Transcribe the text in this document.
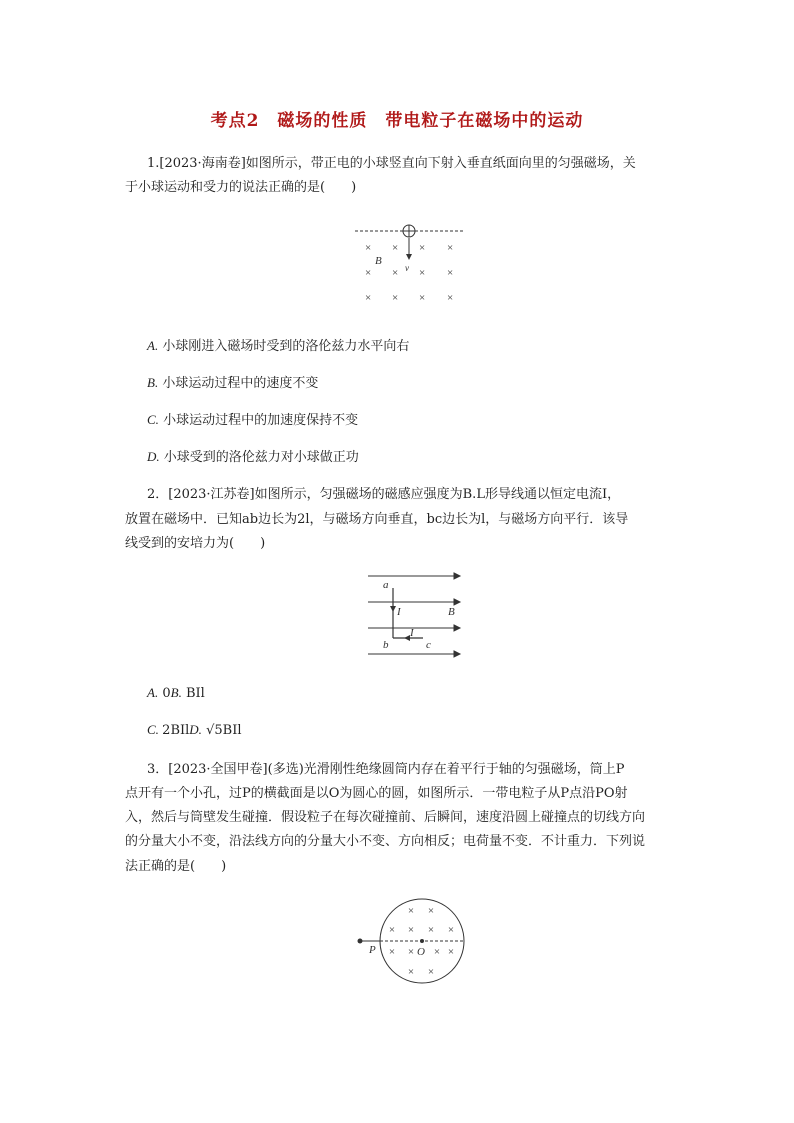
考点2　磁场的性质　带电粒子在磁场中的运动
1.[2023·海南卷]如图所示，带正电的小球竖直向下射入垂直纸面向里的匀强磁场，关
于小球运动和受力的说法正确的是(　　)
× × × ×
× × × ×
× × × ×
B
v
A. 小球刚进入磁场时受到的洛伦兹力水平向右
B. 小球运动过程中的速度不变
C. 小球运动过程中的加速度保持不变
D. 小球受到的洛伦兹力对小球做正功
2．[2023·江苏卷]如图所示，匀强磁场的磁感应强度为B.L形导线通以恒定电流I，
放置在磁场中．已知ab边长为2l，与磁场方向垂直，bc边长为l，与磁场方向平行．该导
线受到的安培力为(　　)
a
I	B
I
b	c
A. 0B. BIl
C. 2BIlD. √5BIl
3．[2023·全国甲卷](多选)光滑刚性绝缘圆筒内存在着平行于轴的匀强磁场，筒上P
点开有一个小孔，过P的横截面是以O为圆心的圆，如图所示．一带电粒子从P点沿PO射
入，然后与筒壁发生碰撞．假设粒子在每次碰撞前、后瞬间，速度沿圆上碰撞点的切线方向
的分量大小不变，沿法线方向的分量大小不变、方向相反；电荷量不变．不计重力．下列说
法正确的是(　　)
× ×
× × × ×
× × × ×
× ×
P	O
